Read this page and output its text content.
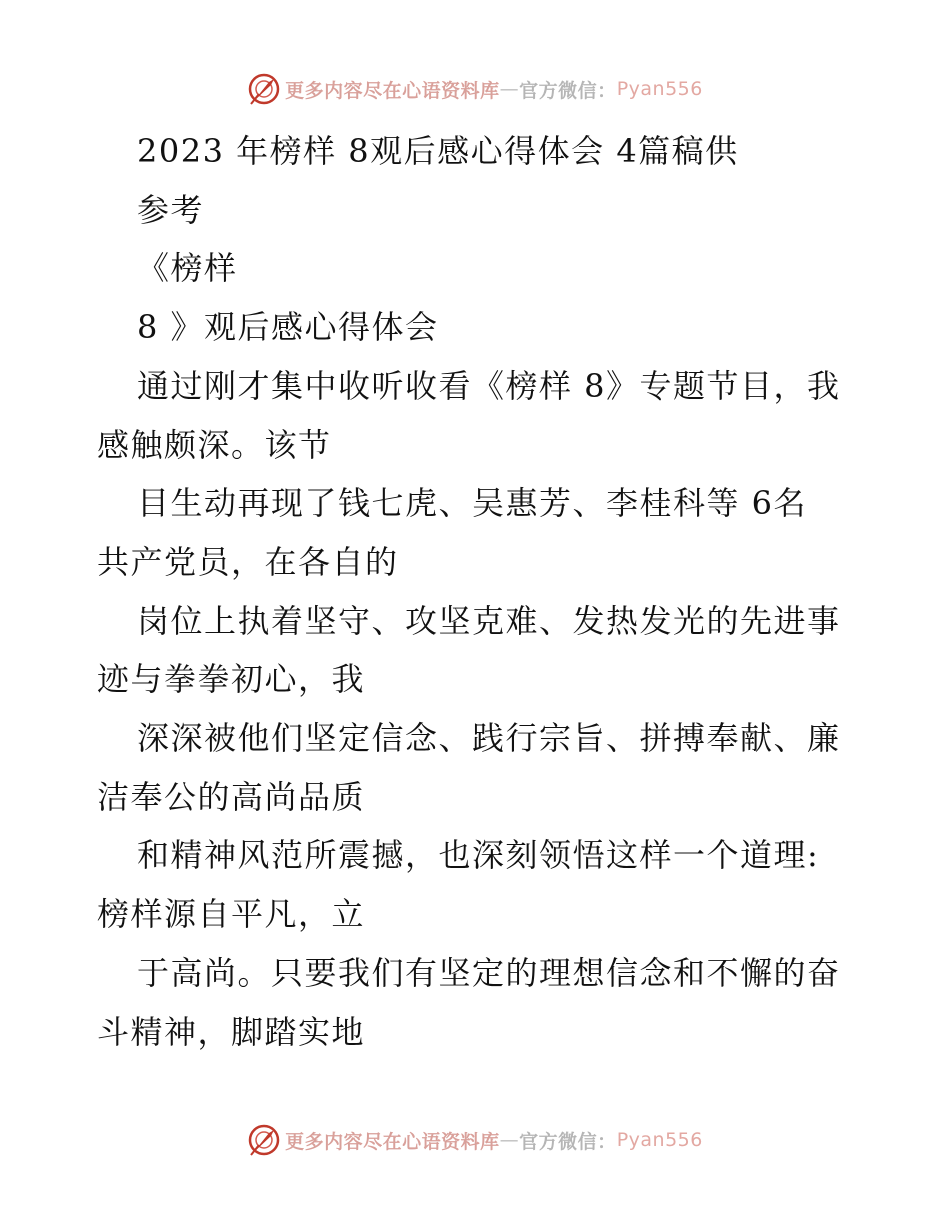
更多内容尽在心语资料库 — 官方微信： Pyan556

2023 年榜样 8观后感心得体会 4篇稿供

参考

《榜样

8 》观后感心得体会

通过刚才集中收听收看《榜样 8》专题节目，我

感触颇深。该节

目生动再现了钱七虎、吴惠芳、李桂科等 6名

共产党员，在各自的

岗位上执着坚守、攻坚克难、发热发光的先进事

迹与拳拳初心，我

深深被他们坚定信念、践行宗旨、拼搏奉献、廉

洁奉公的高尚品质

和精神风范所震撼，也深刻领悟这样一个道理:

榜样源自平凡，立

于高尚。只要我们有坚定的理想信念和不懈的奋

斗精神，脚踏实地

更多内容尽在心语资料库 — 官方微信： Pyan556
